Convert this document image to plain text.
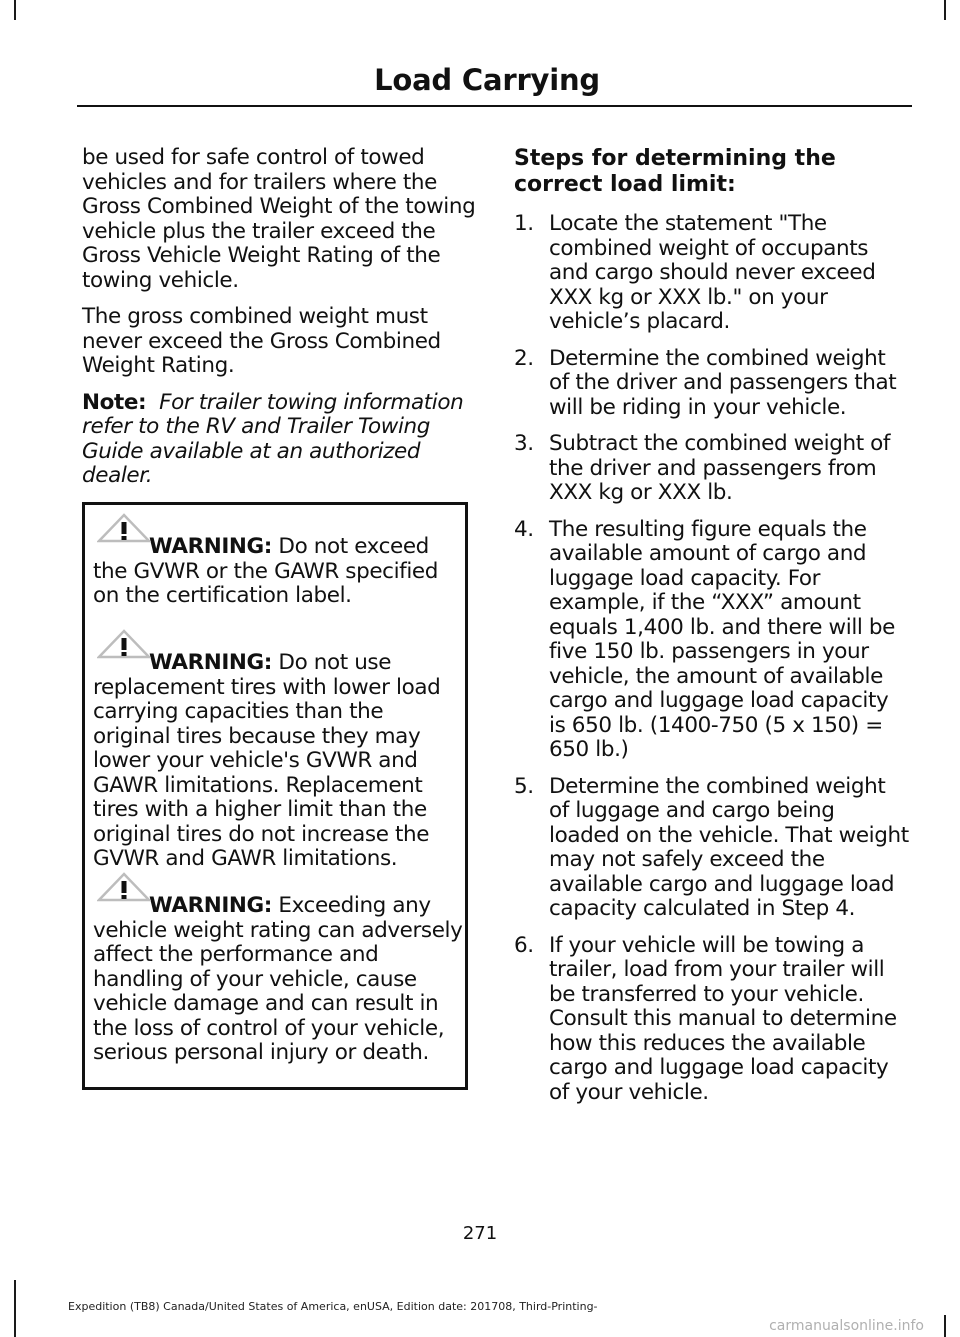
Load Carrying

be used for safe control of towed vehicles and for trailers where the Gross Combined Weight of the towing vehicle plus the trailer exceed the Gross Vehicle Weight Rating of the towing vehicle.

The gross combined weight must never exceed the Gross Combined Weight Rating.

Note: For trailer towing information refer to the RV and Trailer Towing Guide available at an authorized dealer.

WARNING: Do not exceed the GVWR or the GAWR specified on the certification label.
WARNING: Do not use replacement tires with lower load carrying capacities than the original tires because they may lower your vehicle's GVWR and GAWR limitations. Replacement tires with a higher limit than the original tires do not increase the GVWR and GAWR limitations.
WARNING: Exceeding any vehicle weight rating can adversely affect the performance and handling of your vehicle, cause vehicle damage and can result in the loss of control of your vehicle, serious personal injury or death.
Steps for determining the correct load limit:
1. Locate the statement "The combined weight of occupants and cargo should never exceed XXX kg or XXX lb." on your vehicle’s placard.
2. Determine the combined weight of the driver and passengers that will be riding in your vehicle.
3. Subtract the combined weight of the driver and passengers from XXX kg or XXX lb.
4. The resulting figure equals the available amount of cargo and luggage load capacity. For example, if the “XXX” amount equals 1,400 lb. and there will be five 150 lb. passengers in your vehicle, the amount of available cargo and luggage load capacity is 650 lb. (1400-750 (5 x 150) = 650 lb.)
5. Determine the combined weight of luggage and cargo being loaded on the vehicle. That weight may not safely exceed the available cargo and luggage load capacity calculated in Step 4.
6. If your vehicle will be towing a trailer, load from your trailer will be transferred to your vehicle. Consult this manual to determine how this reduces the available cargo and luggage load capacity of your vehicle.
271
Expedition (TB8) Canada/United States of America, enUSA, Edition date: 201708, Third-Printing-
carmanualsonline.info
